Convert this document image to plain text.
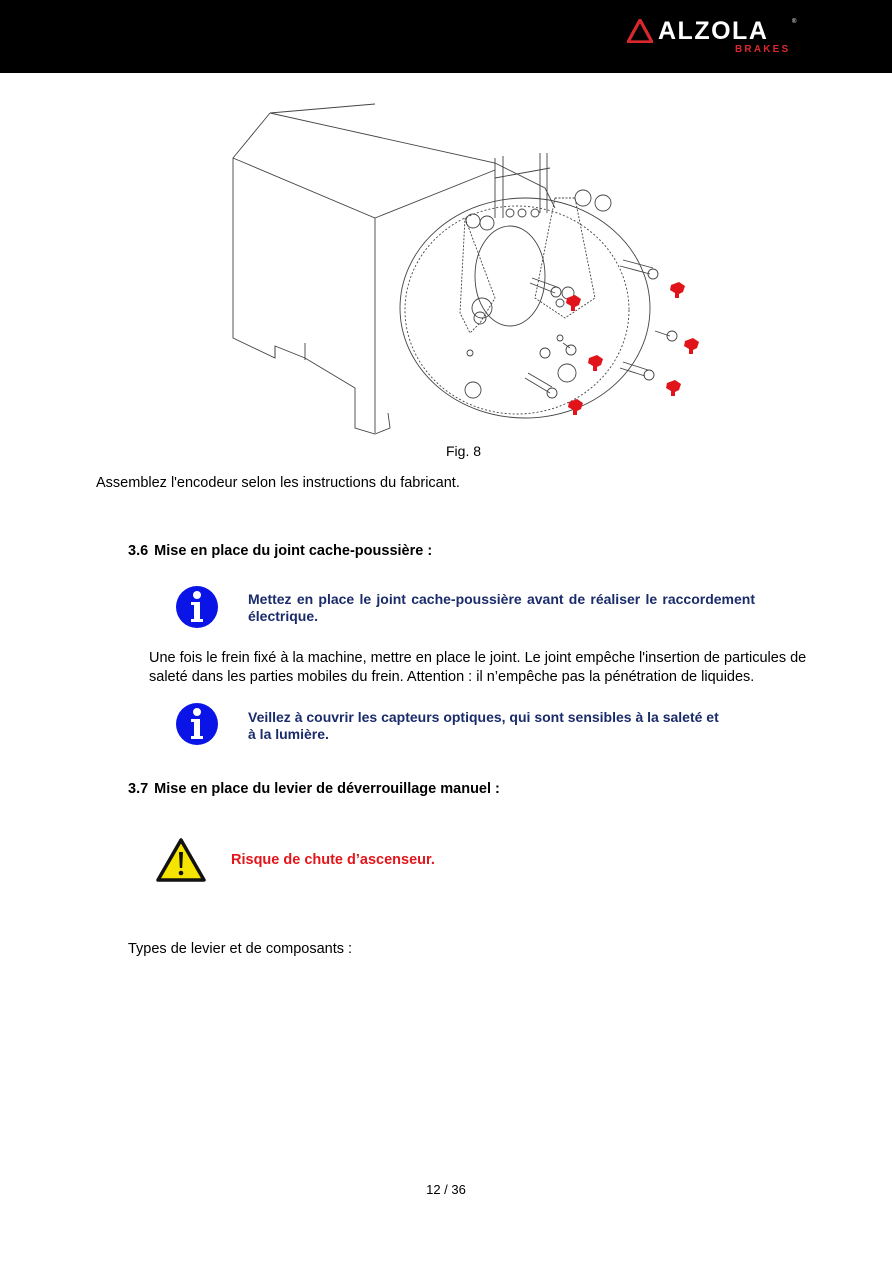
ALZOLA	®
BRAKES
Fig. 8
Assemblez l'encodeur selon les instructions du fabricant.
3.6 Mise en place du joint cache-poussière :
Mettez en place le joint cache-poussière avant de réaliser le raccordement électrique.
Une fois le frein fixé à la machine, mettre en place le joint. Le joint empêche l'insertion de particules de saleté dans les parties mobiles du frein. Attention : il n’empêche pas la pénétration de liquides.
Veillez à couvrir les capteurs optiques, qui sont sensibles à la saleté et
à la lumière.
3.7 Mise en place du levier de déverrouillage manuel :
Risque de chute d’ascenseur.
Types de levier et de composants :
12 / 36
